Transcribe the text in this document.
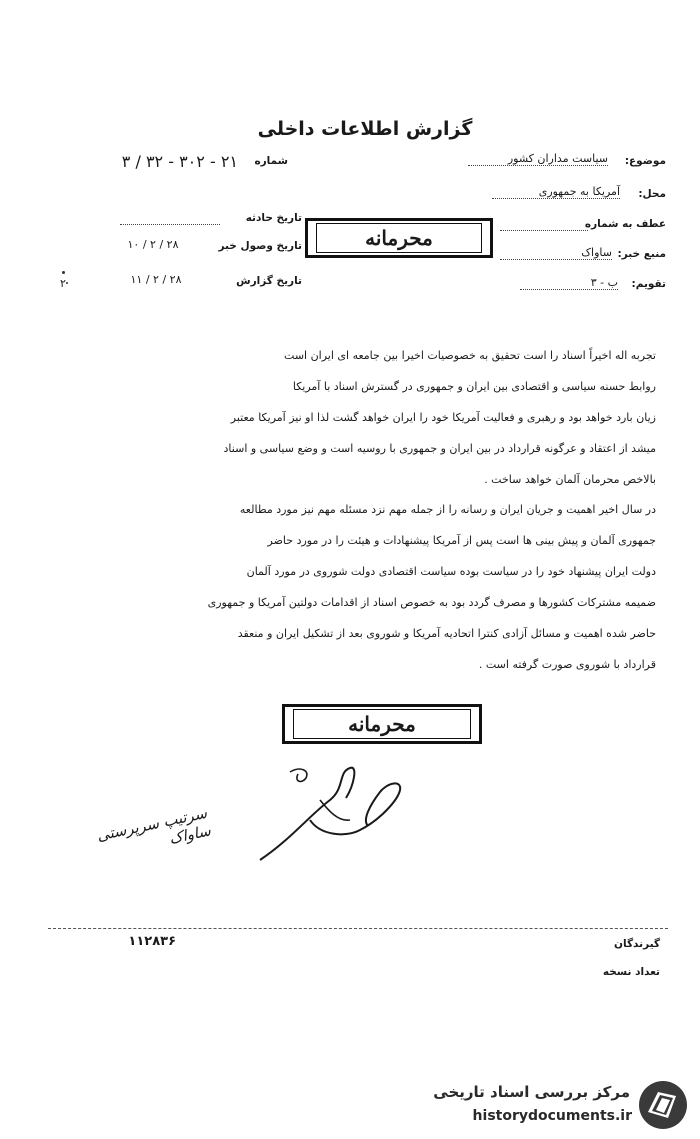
گزارش اطلاعات داخلی
شماره
۲۱ - ۳۰۲ - ۳۲ / ۳
تاریخ حادثه
تاریخ وصول خبر
۲۸ / ۲ / ۱۰
تاریخ گزارش
۲۸ / ۲ / ۱۱
۲
موضوع:
سیاست مداران کشور
محل:
آمریکا به جمهوری
عطف به شماره
منبع خبر:
ساواک
تقویم:
ب - ۳
محرمانه
تجربه اله اخیراً اسناد را است تحقیق به خصوصیات اخیرا بین جامعه ای ایران است
روابط حسنه سیاسی و اقتصادی بین ایران و جمهوری در گسترش اسناد با آمریکا
زیان بارد خواهد بود و رهبری و فعالیت آمریکا خود را ایران خواهد گشت لذا او نیز آمریکا معتبر
میشد از اعتقاد و عرگونه قرارداد در بین ایران و جمهوری با روسیه است و وضع سیاسی و اسناد
بالاخص محرمان آلمان خواهد ساخت .
در سال اخیر اهمیت و جریان ایران و رسانه را از جمله مهم نزد مسئله مهم نیز مورد مطالعه
جمهوری آلمان و پیش بینی ها است پس از آمریکا پیشنهادات و هیئت را در مورد حاضر
دولت ایران پیشنهاد خود را در سیاست بوده سیاست اقتصادی دولت شوروی در مورد آلمان
ضمیمه مشترکات کشورها و مصرف گردد بود به خصوص اسناد از اقدامات دولتین آمریکا و جمهوری
حاضر شده اهمیت و مسائل آزادی کنترا اتحادیه آمریکا و شوروی بعد از تشکیل ایران و منعقد
قرارداد با شوروی صورت گرفته است .
محرمانه
سرتیپ سرپرستی ساواک
گیرندگان
تعداد نسخه
۱۱۲۸۳۶
مرکز بررسی اسناد تاریخی
historydocuments.ir
